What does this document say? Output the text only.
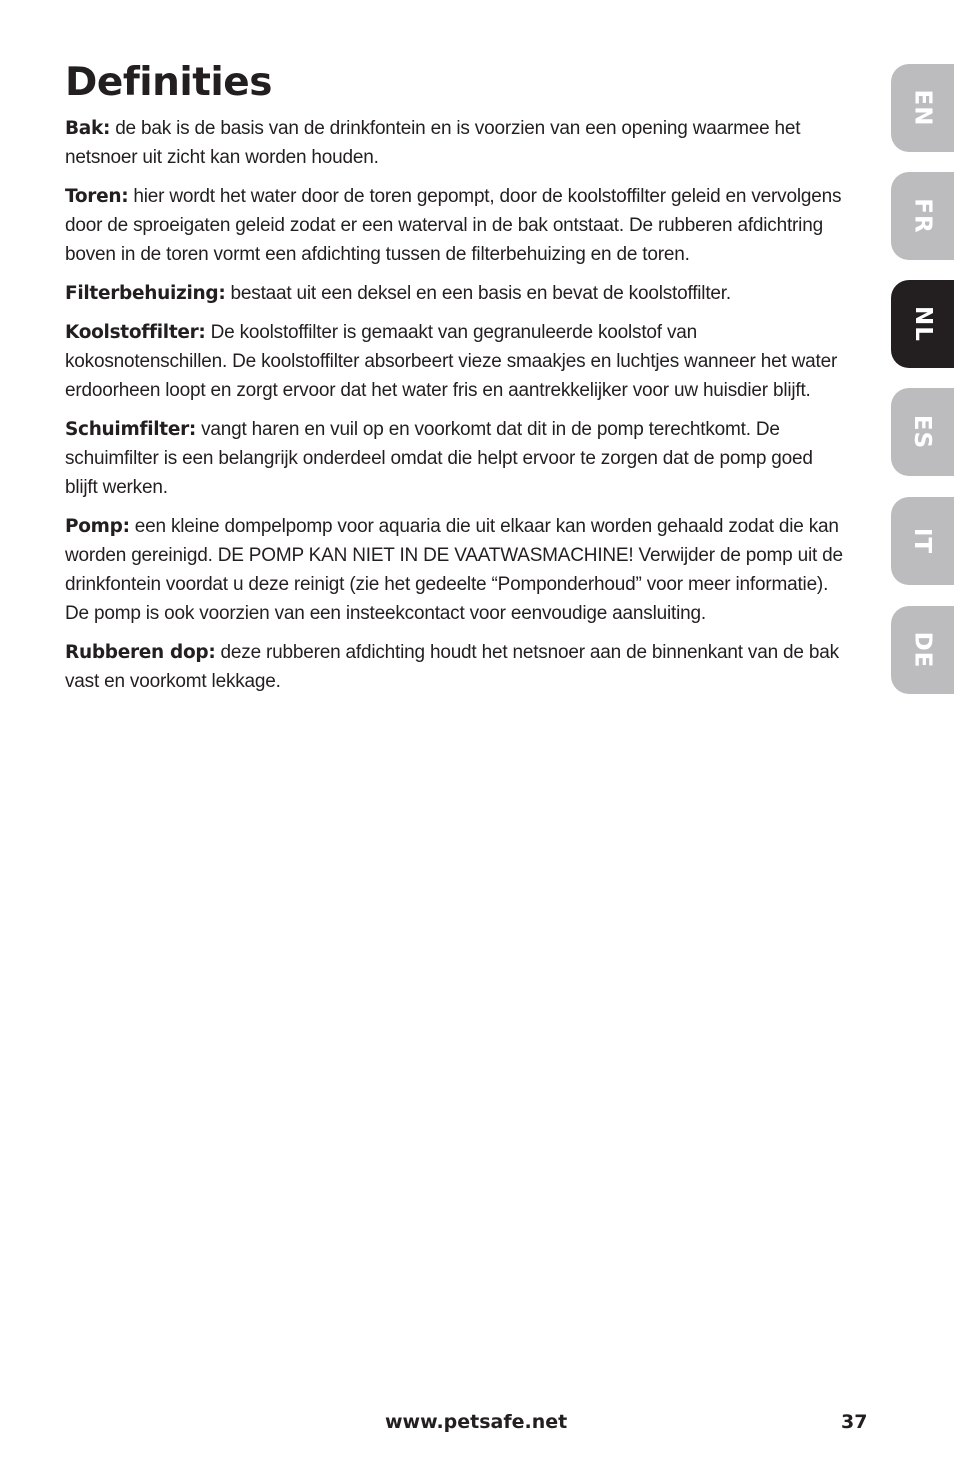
Definities

Bak: de bak is de basis van de drinkfontein en is voorzien van een opening waarmee het netsnoer uit zicht kan worden houden.

Toren: hier wordt het water door de toren gepompt, door de koolstoffilter geleid en vervolgens door de sproeigaten geleid zodat er een waterval in de bak ontstaat. De rubberen afdichtring boven in de toren vormt een afdichting tussen de filterbehuizing en de toren.

Filterbehuizing: bestaat uit een deksel en een basis en bevat de koolstoffilter.

Koolstoffilter: De koolstoffilter is gemaakt van gegranuleerde koolstof van kokosnotenschillen. De koolstoffilter absorbeert vieze smaakjes en luchtjes wanneer het water erdoorheen loopt en zorgt ervoor dat het water fris en aantrekkelijker voor uw huisdier blijft.

Schuimfilter: vangt haren en vuil op en voorkomt dat dit in de pomp terechtkomt. De schuimfilter is een belangrijk onderdeel omdat die helpt ervoor te zorgen dat de pomp goed blijft werken.

Pomp: een kleine dompelpomp voor aquaria die uit elkaar kan worden gehaald zodat die kan worden gereinigd. DE POMP KAN NIET IN DE VAATWASMACHINE! Verwijder de pomp uit de drinkfontein voordat u deze reinigt (zie het gedeelte “Pomponderhoud” voor meer informatie). De pomp is ook voorzien van een insteekcontact voor eenvoudige aansluiting.

Rubberen dop: deze rubberen afdichting houdt het netsnoer aan de binnenkant van de bak vast en voorkomt lekkage.

EN
FR
NL
ES
IT
DE
www.petsafe.net	37
